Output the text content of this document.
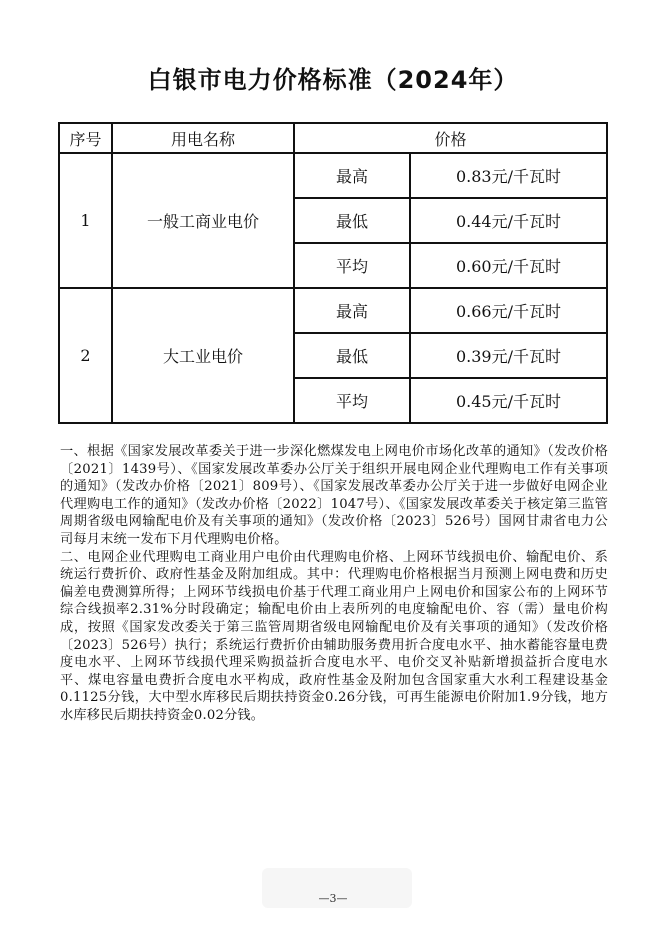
白银市电力价格标准（2024年）
序号	用电名称	价格	
1	一般工商业电价	最高	0.83元/千瓦时
		最低	0.44元/千瓦时
		平均	0.60元/千瓦时
2	大工业电价	最高	0.66元/千瓦时
		最低	0.39元/千瓦时
		平均	0.45元/千瓦时

一、根据《国家发展改革委关于进一步深化燃煤发电上网电价市场化改革的通知》（发改价格〔2021〕1439号）、《国家发展改革委办公厅关于组织开展电网企业代理购电工作有关事项的通知》（发改办价格〔2021〕809号）、《国家发展改革委办公厅关于进一步做好电网企业代理购电工作的通知》（发改办价格〔2022〕1047号）、《国家发展改革委关于核定第三监管周期省级电网输配电价及有关事项的通知》（发改价格〔2023〕526号）国网甘肃省电力公司每月末统一发布下月代理购电价格。

二、电网企业代理购电工商业用户电价由代理购电价格、上网环节线损电价、输配电价、系统运行费折价、政府性基金及附加组成。其中：代理购电价格根据当月预测上网电费和历史偏差电费测算所得；上网环节线损电价基于代理工商业用户上网电价和国家公布的上网环节综合线损率2.31%分时段确定；输配电价由上表所列的电度输配电价、容（需）量电价构成，按照《国家发改委关于第三监管周期省级电网输配电价及有关事项的通知》（发改价格〔2023〕526号）执行；系统运行费折价由辅助服务费用折合度电水平、抽水蓄能容量电费度电水平、上网环节线损代理采购损益折合度电水平、电价交叉补贴新增损益折合度电水平、煤电容量电费折合度电水平构成，政府性基金及附加包含国家重大水利工程建设基金0.1125分钱，大中型水库移民后期扶持资金0.26分钱，可再生能源电价附加1.9分钱，地方水库移民后期扶持资金0.02分钱。

—3—
